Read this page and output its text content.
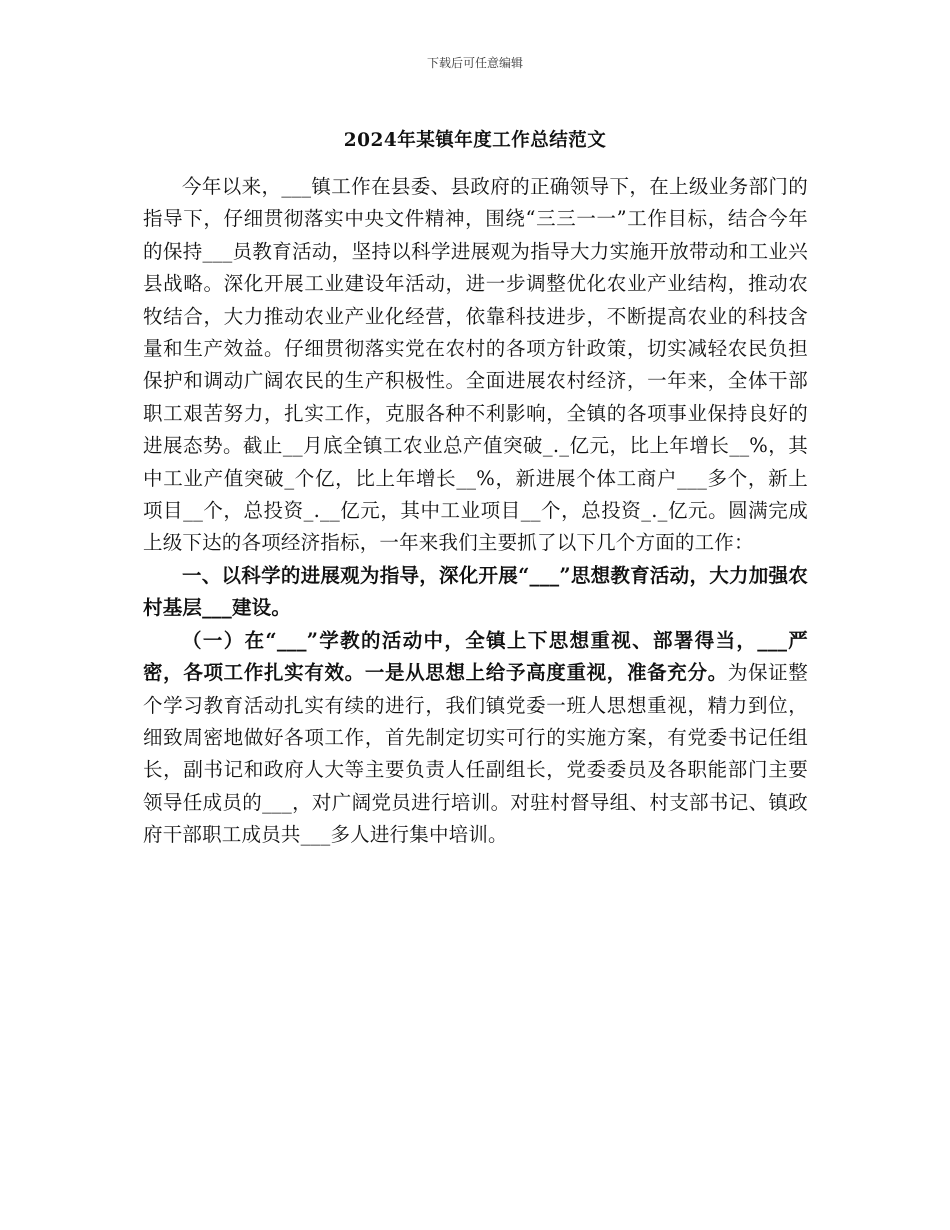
下载后可任意编辑
2024年某镇年度工作总结范文

今年以来，___镇工作在县委、县政府的正确领导下，在上级业务部门的指导下，仔细贯彻落实中央文件精神，围绕“三三一一”工作目标，结合今年的保持___员教育活动，坚持以科学进展观为指导大力实施开放带动和工业兴县战略。深化开展工业建设年活动，进一步调整优化农业产业结构，推动农牧结合，大力推动农业产业化经营，依靠科技进步，不断提高农业的科技含量和生产效益。仔细贯彻落实党在农村的各项方针政策，切实减轻农民负担保护和调动广阔农民的生产积极性。全面进展农村经济，一年来，全体干部职工艰苦努力，扎实工作，克服各种不利影响，全镇的各项事业保持良好的进展态势。截止__月底全镇工农业总产值突破_._亿元，比上年增长__%，其中工业产值突破_个亿，比上年增长__%，新进展个体工商户___多个，新上项目__个，总投资_.__亿元，其中工业项目__个，总投资_._亿元。圆满完成上级下达的各项经济指标，一年来我们主要抓了以下几个方面的工作：

一、以科学的进展观为指导，深化开展“___”思想教育活动，大力加强农村基层___建设。

（一）在“___”学教的活动中，全镇上下思想重视、部署得当，___严密，各项工作扎实有效。一是从思想上给予高度重视，准备充分。为保证整个学习教育活动扎实有续的进行，我们镇党委一班人思想重视，精力到位，细致周密地做好各项工作，首先制定切实可行的实施方案，有党委书记任组长，副书记和政府人大等主要负责人任副组长，党委委员及各职能部门主要领导任成员的___，对广阔党员进行培训。对驻村督导组、村支部书记、镇政府干部职工成员共___多人进行集中培训。
